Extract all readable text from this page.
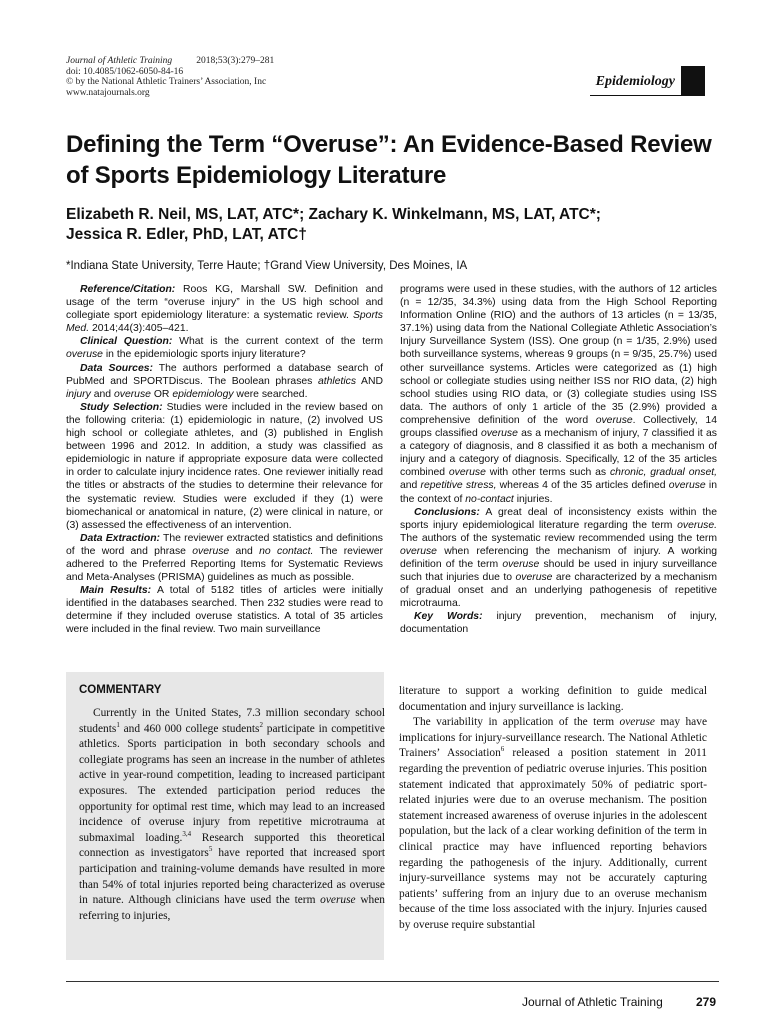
Journal of Athletic Training	2018;53(3):279–281
doi: 10.4085/1062-6050-84-16
© by the National Athletic Trainers’ Association, Inc
www.natajournals.org
Epidemiology
Defining the Term “Overuse”: An Evidence-Based Review of Sports Epidemiology Literature
Elizabeth R. Neil, MS, LAT, ATC*; Zachary K. Winkelmann, MS, LAT, ATC*;
Jessica R. Edler, PhD, LAT, ATC†
*Indiana State University, Terre Haute; †Grand View University, Des Moines, IA

Reference/Citation: Roos KG, Marshall SW. Definition and usage of the term “overuse injury” in the US high school and collegiate sport epidemiology literature: a systematic review. Sports Med. 2014;44(3):405–421.

Clinical Question: What is the current context of the term overuse in the epidemiologic sports injury literature?

Data Sources: The authors performed a database search of PubMed and SPORTDiscus. The Boolean phrases athletics AND injury and overuse OR epidemiology were searched.

Study Selection: Studies were included in the review based on the following criteria: (1) epidemiologic in nature, (2) involved US high school or collegiate athletes, and (3) published in English between 1996 and 2012. In addition, a study was classified as epidemiologic in nature if appropriate exposure data were collected in order to calculate injury incidence rates. One reviewer initially read the titles or abstracts of the studies to determine their relevance for the systematic review. Studies were excluded if they (1) were biomechanical or anatomical in nature, (2) were clinical in nature, or (3) assessed the effectiveness of an intervention.

Data Extraction: The reviewer extracted statistics and definitions of the word and phrase overuse and no contact. The reviewer adhered to the Preferred Reporting Items for Systematic Reviews and Meta-Analyses (PRISMA) guidelines as much as possible.

Main Results: A total of 5182 titles of articles were initially identified in the databases searched. Then 232 studies were read to determine if they included overuse statistics. A total of 35 articles were included in the final review. Two main surveillance

programs were used in these studies, with the authors of 12 articles (n = 12/35, 34.3%) using data from the High School Reporting Information Online (RIO) and the authors of 13 articles (n = 13/35, 37.1%) using data from the National Collegiate Athletic Association’s Injury Surveillance System (ISS). One group (n = 1/35, 2.9%) used both surveillance systems, whereas 9 groups (n = 9/35, 25.7%) used other surveillance systems. Articles were categorized as (1) high school or collegiate studies using neither ISS nor RIO data, (2) high school studies using RIO data, or (3) collegiate studies using ISS data. The authors of only 1 article of the 35 (2.9%) provided a comprehensive definition of the word overuse. Collectively, 14 groups classified overuse as a mechanism of injury, 7 classified it as a category of diagnosis, and 8 classified it as both a mechanism of injury and a category of diagnosis. Specifically, 12 of the 35 articles combined overuse with other terms such as chronic, gradual onset, and repetitive stress, whereas 4 of the 35 articles defined overuse in the context of no-contact injuries.

Conclusions: A great deal of inconsistency exists within the sports injury epidemiological literature regarding the term overuse. The authors of the systematic review recommended using the term overuse when referencing the mechanism of injury. A working definition of the term overuse should be used in injury surveillance such that injuries due to overuse are characterized by a mechanism of gradual onset and an underlying pathogenesis of repetitive microtrauma.

Key Words: injury prevention, mechanism of injury, documentation

COMMENTARY

Currently in the United States, 7.3 million secondary school students$^1$ and 460 000 college students$^2$ participate in competitive athletics. Sports participation in both secondary schools and collegiate programs has seen an increase in the number of athletes active in year-round competition, leading to increased participant exposures. The extended participation period reduces the opportunity for optimal rest time, which may lead to an increased incidence of overuse injury from repetitive microtrauma at submaximal loading.$^{3,4}$ Research supported this theoretical connection as investigators$^5$ have reported that increased sport participation and training-volume demands have resulted in more than 54% of total injuries reported being characterized as overuse in nature. Although clinicians have used the term overuse when referring to injuries,

literature to support a working definition to guide medical documentation and injury surveillance is lacking.

The variability in application of the term overuse may have implications for injury-surveillance research. The National Athletic Trainers’ Association$^6$ released a position statement in 2011 regarding the prevention of pediatric overuse injuries. This position statement indicated that approximately 50% of pediatric sport-related injuries were due to an overuse mechanism. The position statement increased awareness of overuse injuries in the adolescent population, but the lack of a clear working definition of the term in clinical practice may have influenced reporting behaviors regarding the pathogenesis of the injury. Additionally, current injury-surveillance systems may not be accurately capturing patients’ suffering from an injury due to an overuse mechanism because of the time loss associated with the injury. Injuries caused by overuse require substantial

Journal of Athletic Training	279
